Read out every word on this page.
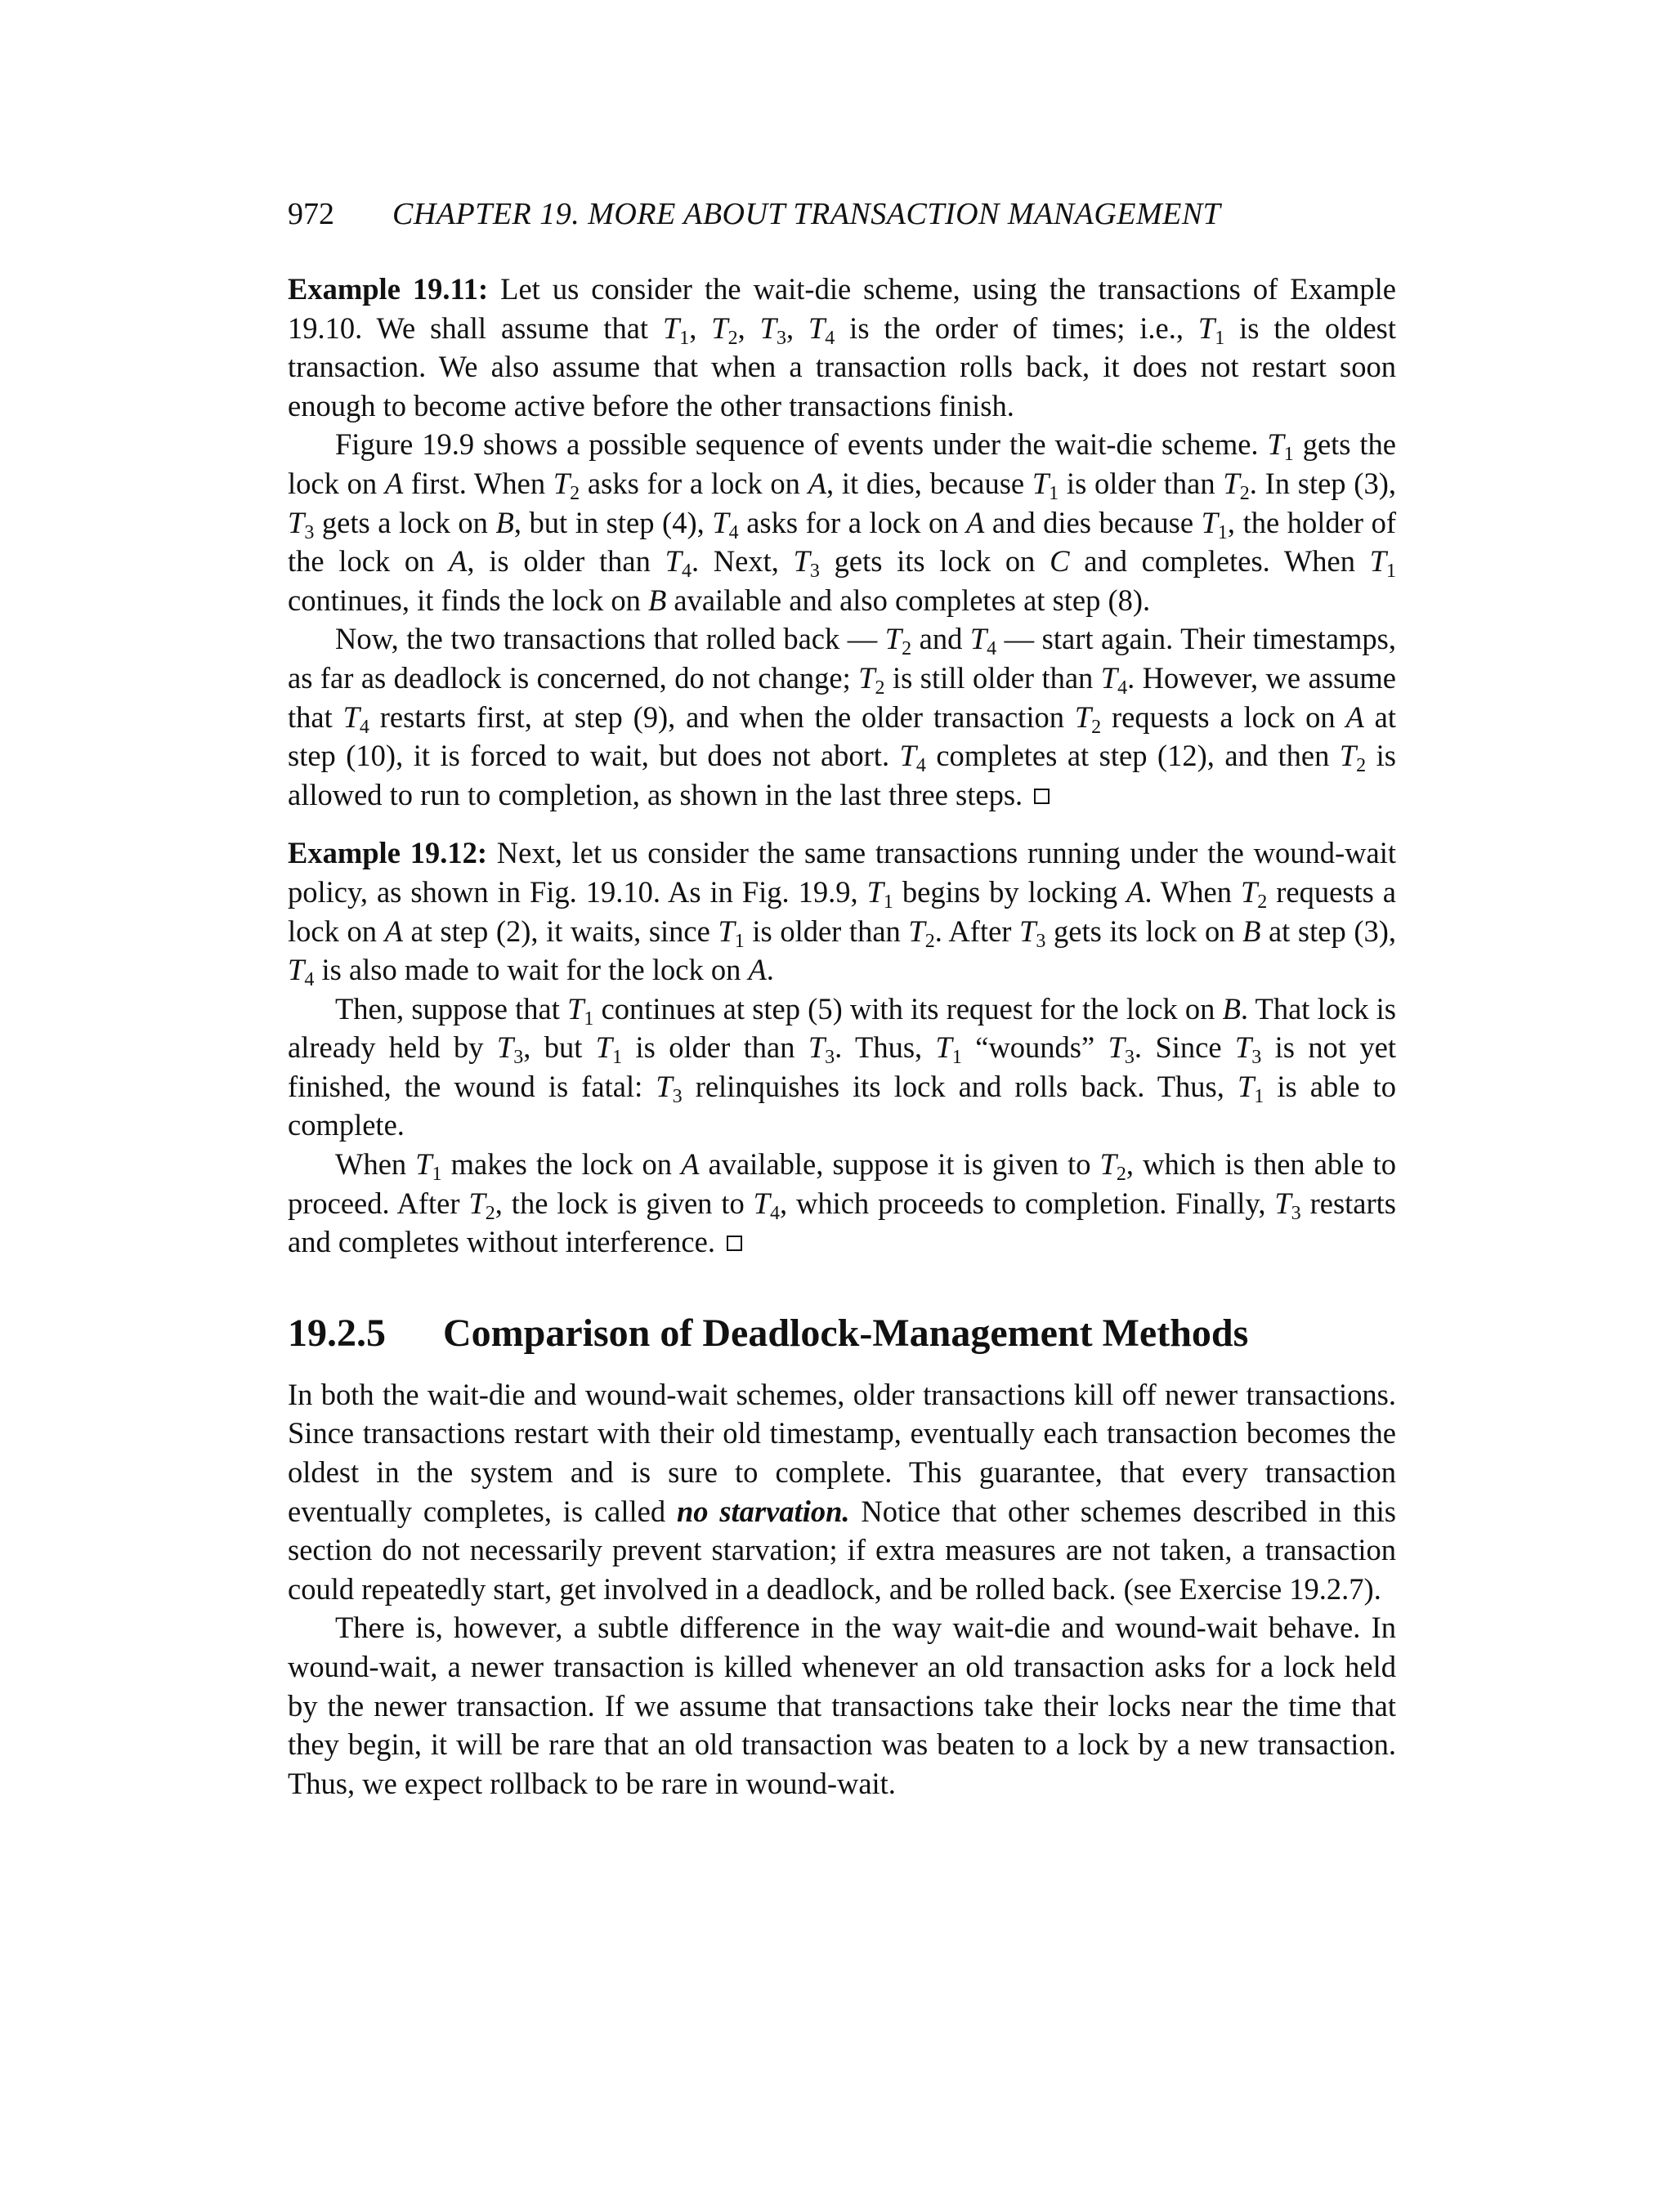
972	CHAPTER 19. MORE ABOUT TRANSACTION MANAGEMENT

Example 19.11: Let us consider the wait-die scheme, using the transactions of Example 19.10. We shall assume that $T_1$, $T_2$, $T_3$, $T_4$ is the order of times; i.e., $T_1$ is the oldest transaction. We also assume that when a transaction rolls back, it does not restart soon enough to become active before the other transactions finish.

Figure 19.9 shows a possible sequence of events under the wait-die scheme. $T_1$ gets the lock on A first. When $T_2$ asks for a lock on A, it dies, because $T_1$ is older than $T_2$. In step (3), $T_3$ gets a lock on B, but in step (4), $T_4$ asks for a lock on A and dies because $T_1$, the holder of the lock on A, is older than $T_4$. Next, $T_3$ gets its lock on C and completes. When $T_1$ continues, it finds the lock on B available and also completes at step (8).

Now, the two transactions that rolled back — $T_2$ and $T_4$ — start again. Their timestamps, as far as deadlock is concerned, do not change; $T_2$ is still older than $T_4$. However, we assume that $T_4$ restarts first, at step (9), and when the older transaction $T_2$ requests a lock on A at step (10), it is forced to wait, but does not abort. $T_4$ completes at step (12), and then $T_2$ is allowed to run to completion, as shown in the last three steps.

Example 19.12: Next, let us consider the same transactions running under the wound-wait policy, as shown in Fig. 19.10. As in Fig. 19.9, $T_1$ begins by locking A. When $T_2$ requests a lock on A at step (2), it waits, since $T_1$ is older than $T_2$. After $T_3$ gets its lock on B at step (3), $T_4$ is also made to wait for the lock on A.

Then, suppose that $T_1$ continues at step (5) with its request for the lock on B. That lock is already held by $T_3$, but $T_1$ is older than $T_3$. Thus, $T_1$ “wounds” $T_3$. Since $T_3$ is not yet finished, the wound is fatal: $T_3$ relinquishes its lock and rolls back. Thus, $T_1$ is able to complete.

When $T_1$ makes the lock on A available, suppose it is given to $T_2$, which is then able to proceed. After $T_2$, the lock is given to $T_4$, which proceeds to completion. Finally, $T_3$ restarts and completes without interference.

19.2.5	Comparison of Deadlock-Management Methods

In both the wait-die and wound-wait schemes, older transactions kill off newer transactions. Since transactions restart with their old timestamp, eventually each transaction becomes the oldest in the system and is sure to complete. This guarantee, that every transaction eventually completes, is called no starvation. Notice that other schemes described in this section do not necessarily prevent starvation; if extra measures are not taken, a transaction could repeatedly start, get involved in a deadlock, and be rolled back. (see Exercise 19.2.7).

There is, however, a subtle difference in the way wait-die and wound-wait behave. In wound-wait, a newer transaction is killed whenever an old transaction asks for a lock held by the newer transaction. If we assume that transactions take their locks near the time that they begin, it will be rare that an old transaction was beaten to a lock by a new transaction. Thus, we expect rollback to be rare in wound-wait.
